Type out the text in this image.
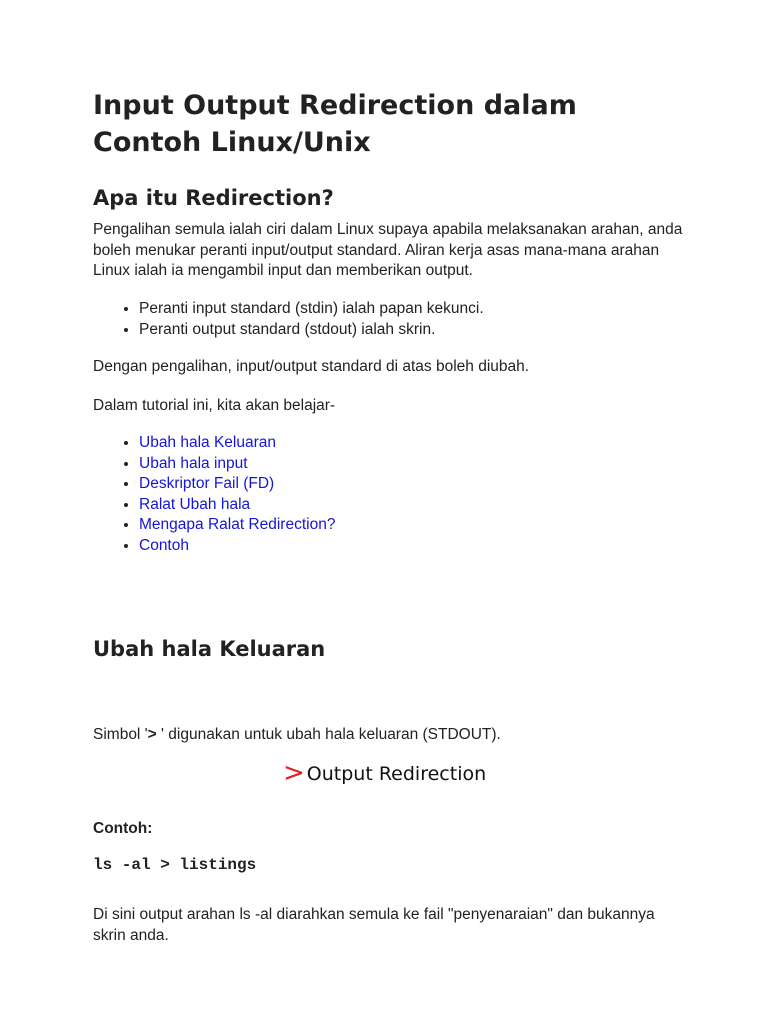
Input Output Redirection dalam Contoh Linux/Unix
Apa itu Redirection?

Pengalihan semula ialah ciri dalam Linux supaya apabila melaksanakan arahan, anda boleh menukar peranti input/output standard. Aliran kerja asas mana-mana arahan Linux ialah ia mengambil input dan memberikan output.

• Peranti input standard (stdin) ialah papan kekunci.
• Peranti output standard (stdout) ialah skrin.

Dengan pengalihan, input/output standard di atas boleh diubah.

Dalam tutorial ini, kita akan belajar-

• Ubah hala Keluaran
• Ubah hala input
• Deskriptor Fail (FD)
• Ralat Ubah hala
• Mengapa Ralat Redirection?
• Contoh
Ubah hala Keluaran

Simbol '> ' digunakan untuk ubah hala keluaran (STDOUT).

> Output Redirection

Contoh:

ls -al > listings

Di sini output arahan ls -al diarahkan semula ke fail "penyenaraian" dan bukannya skrin anda.
